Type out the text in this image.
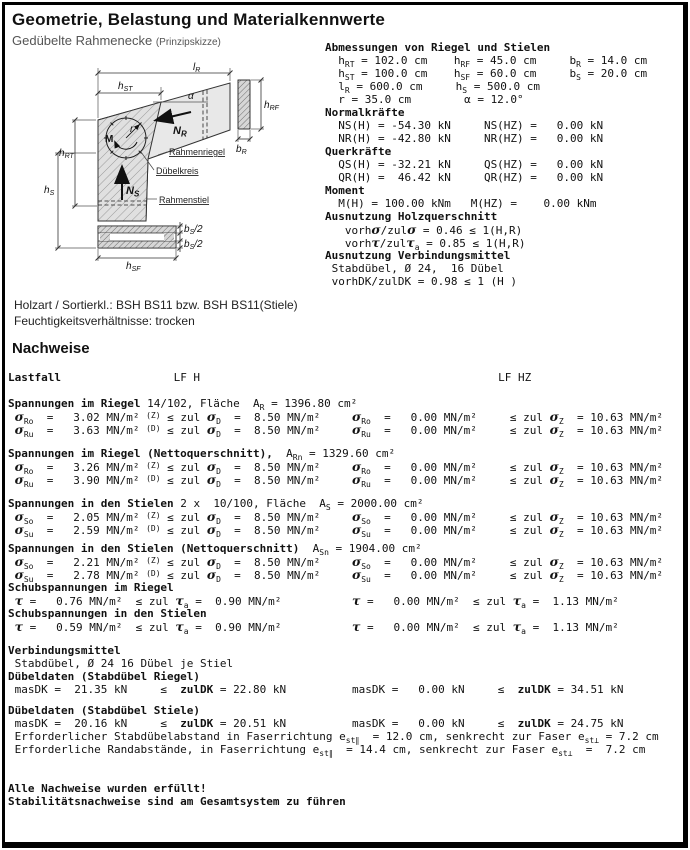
Geometrie, Belastung und Materialkennwerte
Gedübelte Rahmenecke (Prinzipskizze)
M
r	$N_R$
$N_S$
Rahmenriegel
Dübelkreis
Rahmenstiel
$l_R$
$h_{ST}$
$h_{RT}$
$h_S$
$h_{SF}$
$h_{RF}$
$b_R$
$b_S/2$
$b_S/2$
α
Abmessungen von Riegel und Stielen
$h_{RT} = 102.0$ cm    $h_{RF} = 45.0$ cm     $b_R = 14.0$ cm
$h_{ST} = 100.0$ cm    $h_{SF} = 60.0$ cm     $b_S = 20.0$ cm
$l_R = 600.0$ cm     $h_S = 500.0$ cm
r = 35.0 cm        α = 12.0°
Normalkräfte
NS(H) = -54.30 kN     NS(HZ) =   0.00 kN
NR(H) = -42.80 kN     NR(HZ) =   0.00 kN
Querkräfte
QS(H) = -32.21 kN     QS(HZ) =   0.00 kN
QR(H) =  46.42 kN     QR(HZ) =   0.00 kN
Moment
M(H) = 100.00 kNm   M(HZ) =    0.00 kNm
Ausnutzung Holzquerschnitt
vorhσ/zulσ = 0.46 ≤ 1(H,R)
vorhτ/zulτ$_a$ = 0.85 ≤ 1(H,R)
Ausnutzung Verbindungsmittel
Stabdübel, Ø 24,  16 Dübel
vorhDK/zulDK = 0.98 ≤ 1 (H )
Holzart / Sortierkl.: BSH BS11 bzw. BSH BS11(Stiele)
Feuchtigkeitsverhältnisse: trocken
Nachweise
Lastfall                 LF H                                             LF HZ
Spannungen im Riegel 14/102, Fläche  $A_R = 1396.80$ cm²
$\sigma_{Ro} = 3.02$ MN/m² $^{(Z)}$ ≤ zul $\sigma_D = 8.50$ MN/m²	$\sigma_{Ro} = 0.00$ MN/m²     ≤ zul $\sigma_Z = 10.63$ MN/m²
$\sigma_{Ru} = 3.63$ MN/m² $^{(D)}$ ≤ zul $\sigma_D = 8.50$ MN/m²	$\sigma_{Ru} = 0.00$ MN/m²     ≤ zul $\sigma_Z = 10.63$ MN/m²
Spannungen im Riegel (Nettoquerschnitt),  $A_{Rn} = 1329.60$ cm²
$\sigma_{Ro} = 3.26$ MN/m² $^{(Z)}$ ≤ zul $\sigma_D = 8.50$ MN/m²	$\sigma_{Ro} = 0.00$ MN/m²     ≤ zul $\sigma_Z = 10.63$ MN/m²
$\sigma_{Ru} = 3.90$ MN/m² $^{(D)}$ ≤ zul $\sigma_D = 8.50$ MN/m²	$\sigma_{Ru} = 0.00$ MN/m²     ≤ zul $\sigma_Z = 10.63$ MN/m²
Spannungen in den Stielen 2 x  10/100, Fläche  $A_S = 2000.00$ cm²
$\sigma_{So} = 2.05$ MN/m² $^{(Z)}$ ≤ zul $\sigma_D = 8.50$ MN/m²	$\sigma_{So} = 0.00$ MN/m²     ≤ zul $\sigma_Z = 10.63$ MN/m²
$\sigma_{Su} = 2.59$ MN/m² $^{(D)}$ ≤ zul $\sigma_D = 8.50$ MN/m²	$\sigma_{Su} = 0.00$ MN/m²     ≤ zul $\sigma_Z = 10.63$ MN/m²
Spannungen in den Stielen (Nettoquerschnitt)  $A_{Sn} = 1904.00$ cm²
$\sigma_{So} = 2.21$ MN/m² $^{(Z)}$ ≤ zul $\sigma_D = 8.50$ MN/m²	$\sigma_{So} = 0.00$ MN/m²     ≤ zul $\sigma_Z = 10.63$ MN/m²
$\sigma_{Su} = 2.78$ MN/m² $^{(D)}$ ≤ zul $\sigma_D = 8.50$ MN/m²	$\sigma_{Su} = 0.00$ MN/m²     ≤ zul $\sigma_Z = 10.63$ MN/m²
Schubspannungen im Riegel
τ =   0.76 MN/m²  ≤ zul $\tau_a = 0.90$ MN/m²	τ =   0.00 MN/m²  ≤ zul $\tau_a = 1.13$ MN/m²
Schubspannungen in den Stielen
τ =   0.59 MN/m²  ≤ zul $\tau_a = 0.90$ MN/m²	τ =   0.00 MN/m²  ≤ zul $\tau_a = 1.13$ MN/m²
Verbindungsmittel
Stabdübel, Ø 24 16 Dübel je Stiel
Dübeldaten (Stabdübel Riegel)
masDK =  21.35 kN     ≤  zulDK = 22.80 kN	masDK =   0.00 kN     ≤  zulDK = 34.51 kN
Dübeldaten (Stabdübel Stiele)
masDK =  20.16 kN     ≤  zulDK = 20.51 kN	masDK =   0.00 kN     ≤  zulDK = 24.75 kN
Erforderlicher Stabdübelabstand in Faserrichtung $e_{st\parallel} = 12.0$ cm, senkrecht zur Faser $e_{st\perp} = 7.2$ cm
Erforderliche Randabstände, in Faserrichtung $e_{st\parallel} = 14.4$ cm, senkrecht zur Faser $e_{st\perp} = 7.2$ cm
Alle Nachweise wurden erfüllt!
Stabilitätsnachweise sind am Gesamtsystem zu führen
